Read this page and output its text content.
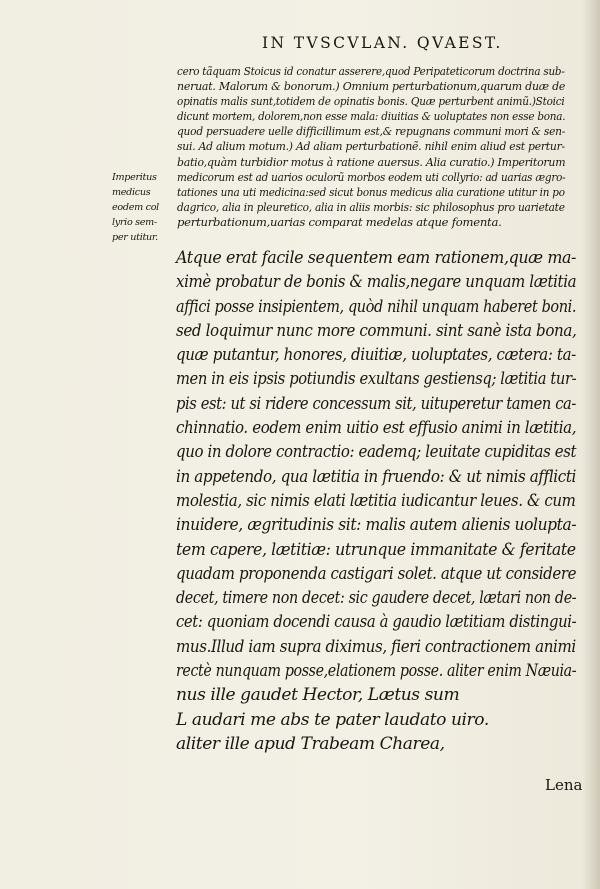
IN TVSCVLAN. QVAEST.
cero tãquam Stoicus id conatur asserere,quod Peripateticorum doctrina sub-
neruat. Malorum & bonorum.) Omnium perturbationum,quarum duæ de
opinatis malis sunt,totidem de opinatis bonis. Quæ perturbent animũ.)Stoici
dicunt mortem, dolorem,non esse mala: diuitias & uoluptates non esse bona.
quod persuadere uelle difficillimum est,& repugnans communi mori & sen-
sui. Ad alium motum.) Ad aliam perturbationẽ. nihil enim aliud est pertur-
batio,quàm turbidior motus à ratione auersus. Alia curatio.) Imperitorum
medicorum est ad uarios oculorũ morbos eodem uti collyrio: ad uarias ægro-
tationes una uti medicina:sed sicut bonus medicus alia curatione utitur in po
dagrico, alia in pleuretico, alia in aliis morbis: sic philosophus pro uarietate
perturbationum,uarias comparat medelas atque fomenta.
Imperitus
medicus
eodem col
lyrio sem-
per utitur.
Atque erat facile sequentem eam rationem,quæ ma-
ximè probatur de bonis & malis,negare unquam lætitia
affici posse insipientem, quòd nihil unquam haberet boni.
sed loquimur nunc more communi. sint sanè ista bona,
quæ putantur, honores, diuitiæ, uoluptates, cætera: ta-
men in eis ipsis potiundis exultans gestiensq; lætitia tur-
pis est: ut si ridere concessum sit, uituperetur tamen ca-
chinnatio. eodem enim uitio est effusio animi in lætitia,
quo in dolore contractio: eademq; leuitate cupiditas est
in appetendo, qua lætitia in fruendo: & ut nimis afflicti
molestia, sic nimis elati lætitia iudicantur leues. & cum
inuidere, ægritudinis sit: malis autem alienis uolupta-
tem capere, lætitiæ: utrunque immanitate & feritate
quadam proponenda castigari solet. atque ut considere
decet, timere non decet: sic gaudere decet, lætari non de-
cet: quoniam docendi causa à gaudio lætitiam distingui-
mus.Illud iam supra diximus, fieri contractionem animi
rectè nunquam posse,elationem posse. aliter enim Næuia-
nus ille gaudet Hector, Lætus sum
L audari me abs te pater laudato uiro.
aliter ille apud Trabeam Charea,
Lena
